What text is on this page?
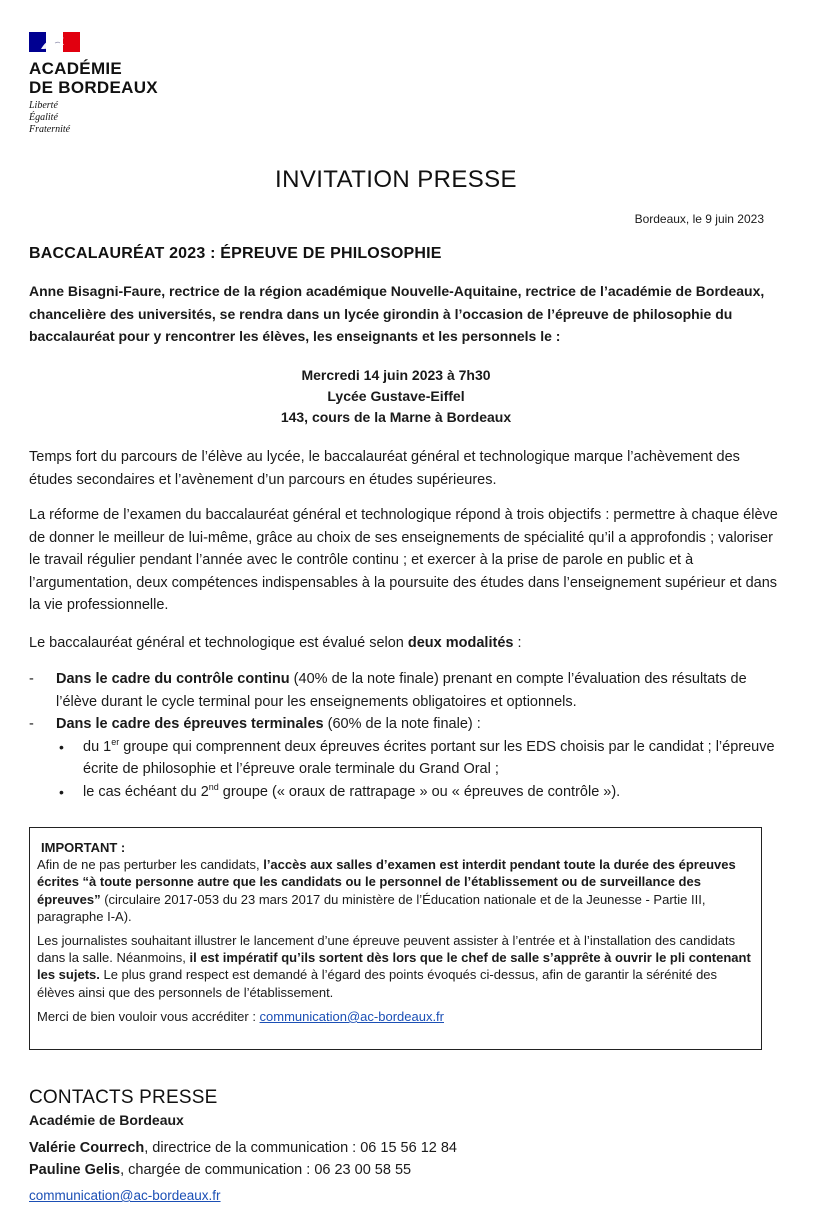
ACADÉMIE
DE BORDEAUX
Liberté
Égalité
Fraternité
INVITATION PRESSE
Bordeaux, le 9 juin 2023
BACCALAURÉAT 2023 : ÉPREUVE DE PHILOSOPHIE

Anne Bisagni-Faure, rectrice de la région académique Nouvelle-Aquitaine, rectrice de l’académie de Bordeaux, chancelière des universités, se rendra dans un lycée girondin à l’occasion de l’épreuve de philosophie du baccalauréat pour y rencontrer les élèves, les enseignants et les personnels le :

Mercredi 14 juin 2023 à 7h30
Lycée Gustave-Eiffel
143, cours de la Marne à Bordeaux

Temps fort du parcours de l’élève au lycée, le baccalauréat général et technologique marque l’achèvement des études secondaires et l’avènement d’un parcours en études supérieures.

La réforme de l’examen du baccalauréat général et technologique répond à trois objectifs : permettre à chaque élève de donner le meilleur de lui-même, grâce au choix de ses enseignements de spécialité qu’il a approfondis ; valoriser le travail régulier pendant l’année avec le contrôle continu ; et exercer à la prise de parole en public et à l’argumentation, deux compétences indispensables à la poursuite des études dans l’enseignement supérieur et dans la vie professionnelle.

Le baccalauréat général et technologique est évalué selon deux modalités :

- Dans le cadre du contrôle continu (40% de la note finale) prenant en compte l’évaluation des résultats de l’élève durant le cycle terminal pour les enseignements obligatoires et optionnels.
- Dans le cadre des épreuves terminales (60% de la note finale) :
• du 1er groupe qui comprennent deux épreuves écrites portant sur les EDS choisis par le candidat ; l’épreuve écrite de philosophie et l’épreuve orale terminale du Grand Oral ;
• le cas échéant du 2nd groupe (« oraux de rattrapage » ou « épreuves de contrôle »).

IMPORTANT :

Afin de ne pas perturber les candidats, l’accès aux salles d’examen est interdit pendant toute la durée des épreuves écrites “à toute personne autre que les candidats ou le personnel de l’établissement ou de surveillance des épreuves” (circulaire 2017-053 du 23 mars 2017 du ministère de l’Éducation nationale et de la Jeunesse - Partie III, paragraphe I-A).

Les journalistes souhaitant illustrer le lancement d’une épreuve peuvent assister à l’entrée et à l’installation des candidats dans la salle. Néanmoins, il est impératif qu’ils sortent dès lors que le chef de salle s’apprête à ouvrir le pli contenant les sujets. Le plus grand respect est demandé à l’égard des points évoqués ci-dessus, afin de garantir la sérénité des élèves ainsi que des personnels de l’établissement.

Merci de bien vouloir vous accréditer : communication@ac-bordeaux.fr

CONTACTS PRESSE
Académie de Bordeaux
Valérie Courrech, directrice de la communication : 06 15 56 12 84
Pauline Gelis, chargée de communication : 06 23 00 58 55
communication@ac-bordeaux.fr
